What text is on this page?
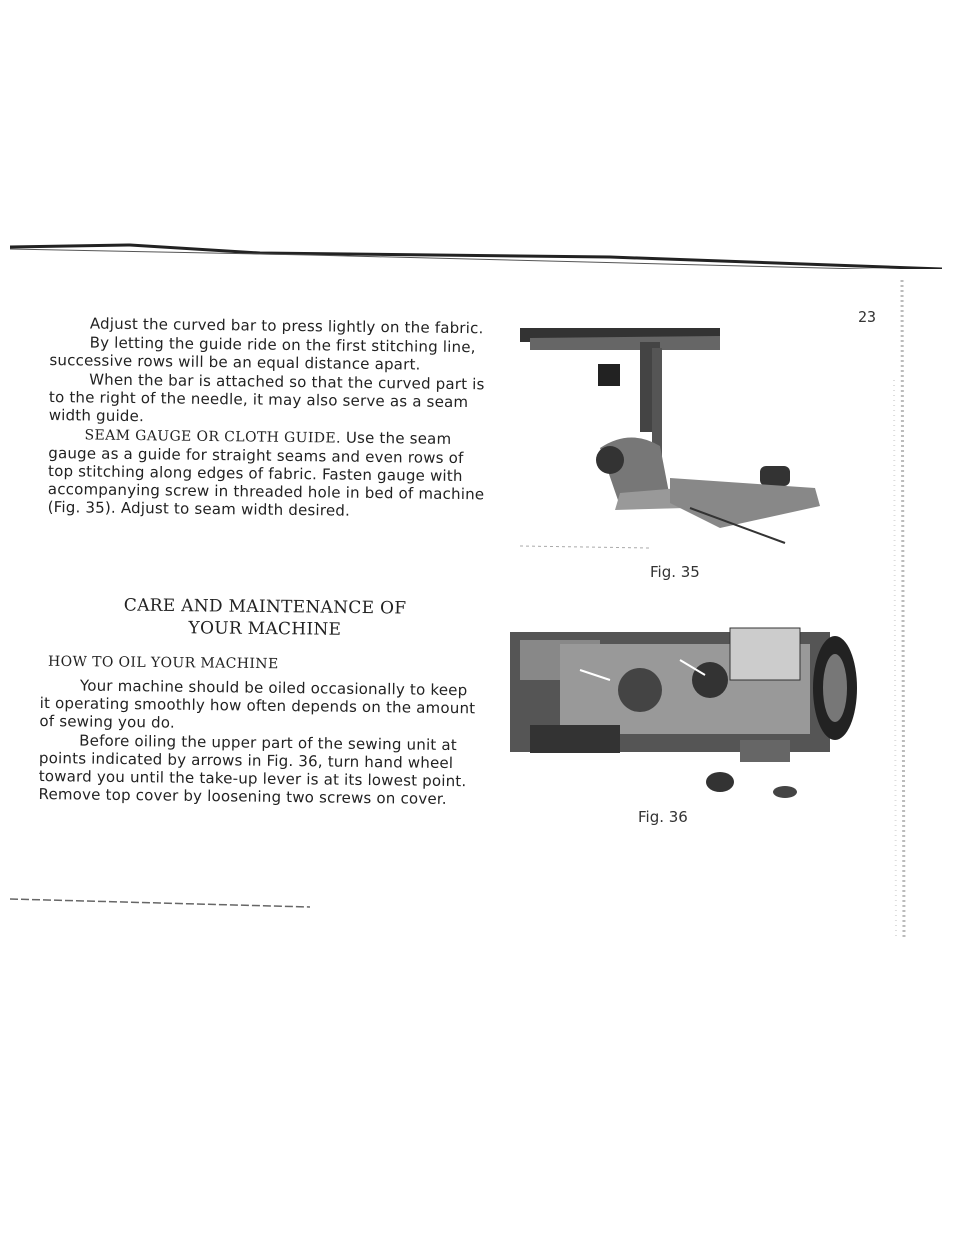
23

Adjust the curved bar to press lightly on the fabric.

By letting the guide ride on the first stitching line, successive rows will be an equal distance apart.

When the bar is attached so that the curved part is to the right of the needle, it may also serve as a seam width guide.

SEAM GAUGE OR CLOTH GUIDE. Use the seam gauge as a guide for straight seams and even rows of top stitching along edges of fabric. Fasten gauge with accompanying screw in threaded hole in bed of machine (Fig. 35). Adjust to seam width desired.

CARE AND MAINTENANCE OF
YOUR MACHINE
HOW TO OIL YOUR MACHINE

Your machine should be oiled occasionally to keep it operating smoothly how often depends on the amount of sewing you do.

Before oiling the upper part of the sewing unit at points indicated by arrows in Fig. 36, turn hand wheel toward you until the take-up lever is at its lowest point. Remove top cover by loosening two screws on cover.

Fig. 35
Fig. 36
